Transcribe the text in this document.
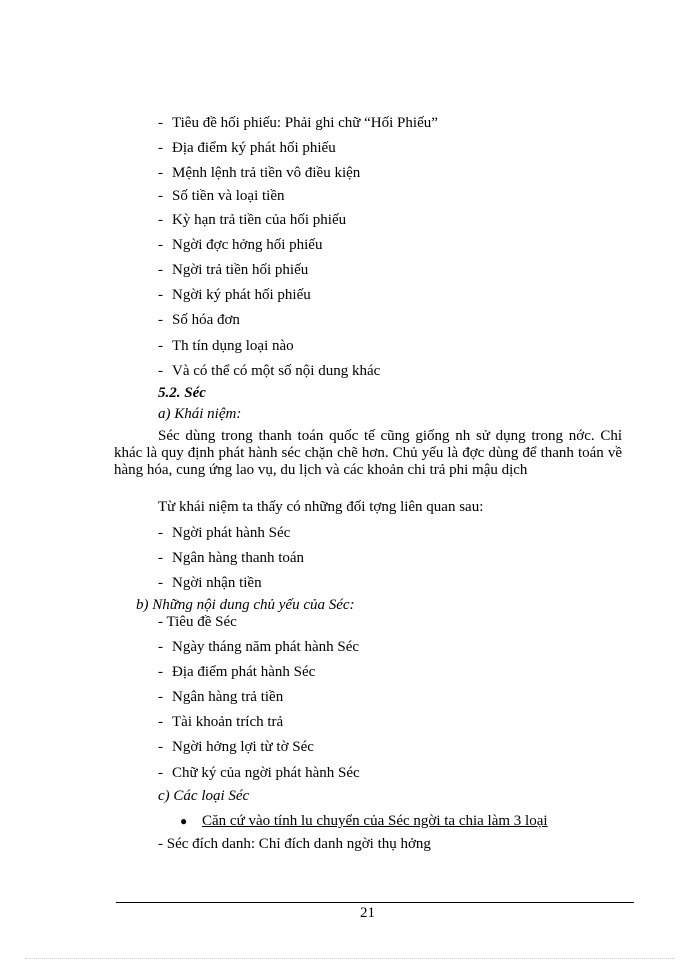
- Tiêu đề hối phiếu: Phải ghi chữ “Hối Phiếu”
- Địa điểm ký phát hối phiếu
- Mệnh lệnh trả tiền vô điều kiện
- Số tiền và loại tiền
- Kỳ hạn trả tiền của hối phiếu
- Ngời đợc hởng hối phiếu
- Ngời trả tiền hối phiếu
- Ngời ký phát hối phiếu
- Số hóa đơn
- Th tín dụng loại nào
- Và có thể có một số nội dung khác
5.2. Séc
a) Khái niệm:
Séc dùng trong thanh toán quốc tế cũng giống nh sử dụng trong nớc. Chỉ khác là quy định phát hành séc chặn chẽ hơn. Chủ yếu là đợc dùng để thanh toán về hàng hóa, cung ứng lao vụ, du lịch và các khoản chi trả phi mậu dịch
Từ khái niệm ta thấy có những đối tợng liên quan sau:
- Ngời phát hành Séc
- Ngân hàng thanh toán
- Ngời nhận tiền
b) Những nội dung chủ yếu của Séc:
- Tiêu đề Séc
- Ngày tháng năm phát hành Séc
- Địa điểm phát hành Séc
- Ngân hàng trả tiền
- Tài khoản trích trả
- Ngời hởng lợi từ tờ Séc
- Chữ ký của ngời phát hành Séc
c) Các loại Séc
● Căn cứ vào tính lu chuyển của Séc ngời ta chia làm 3 loại
- Séc đích danh: Chỉ đích danh ngời thụ hởng
21
